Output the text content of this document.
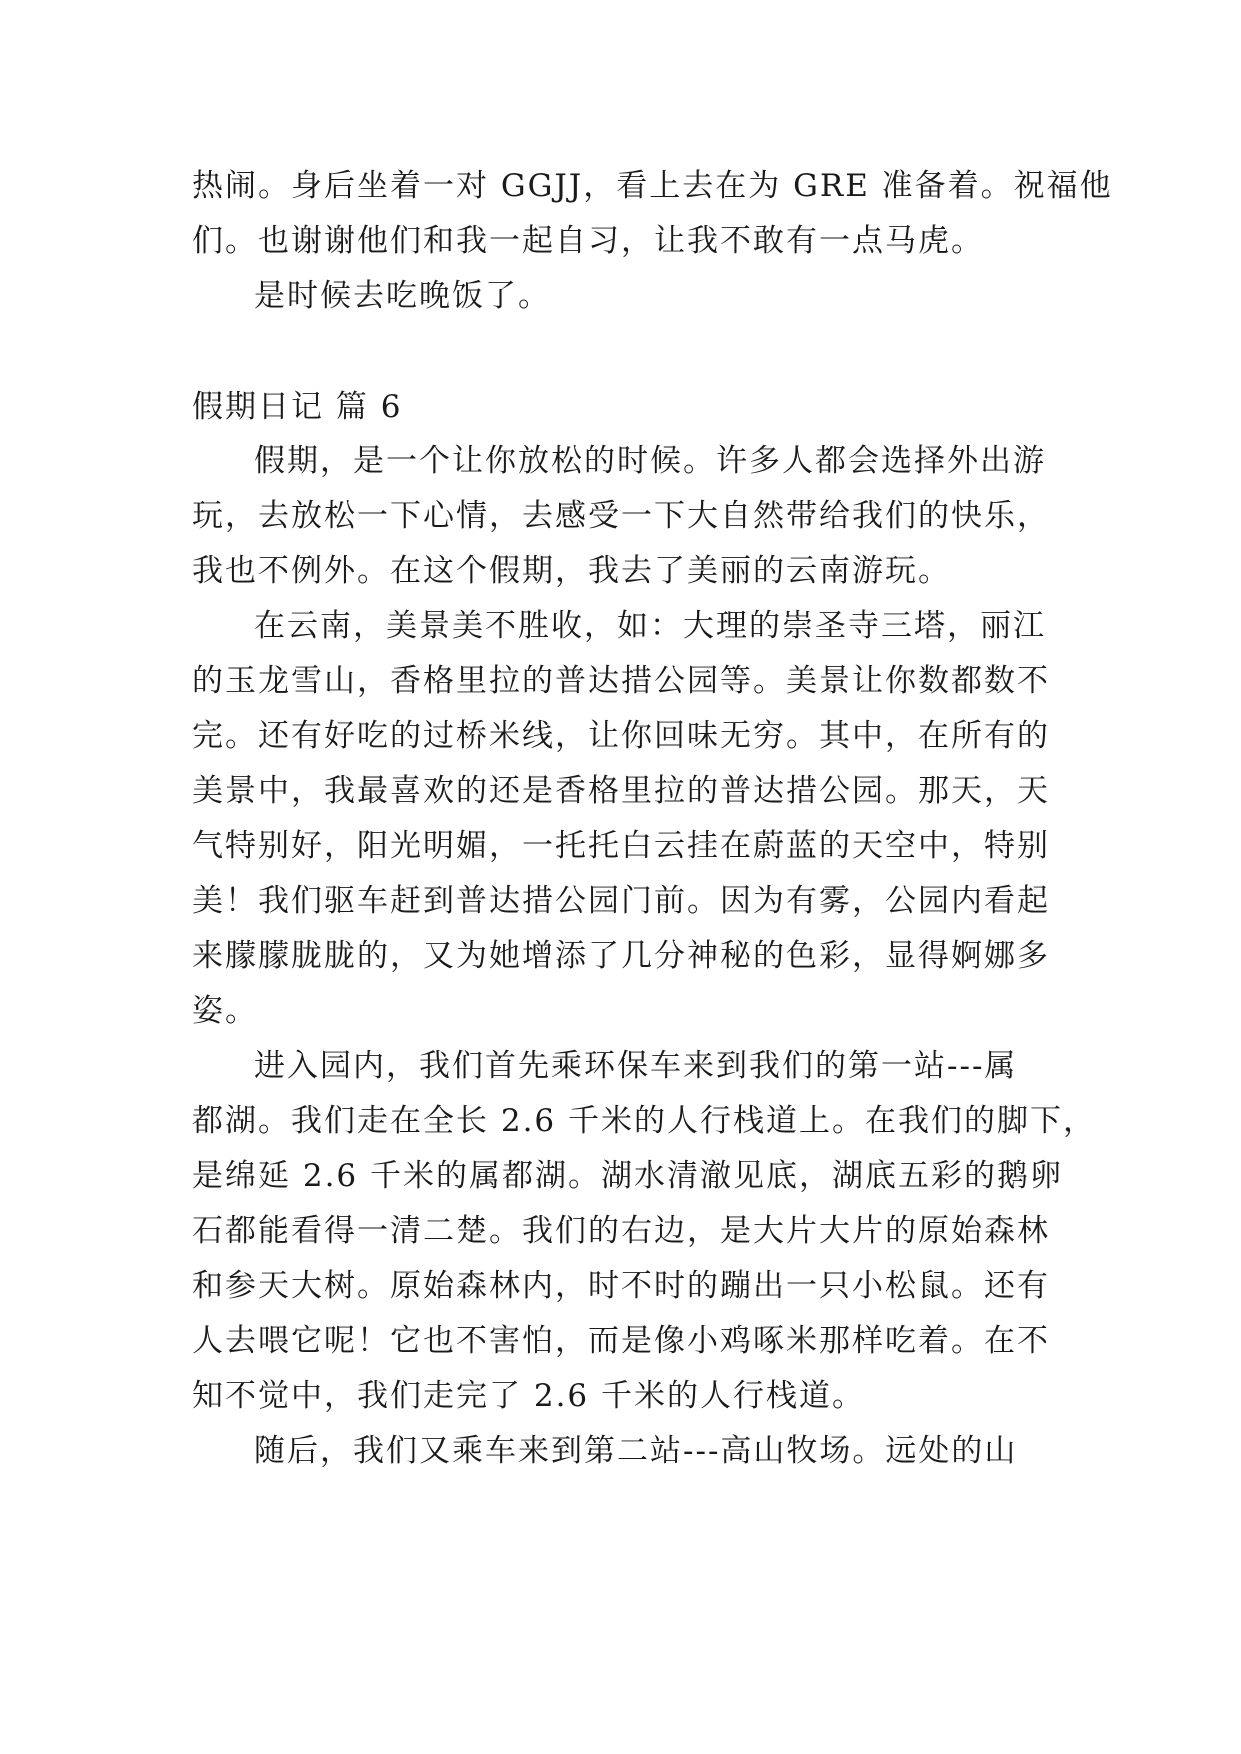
热闹。身后坐着一对 GGJJ，看上去在为 GRE 准备着。祝福他
们。也谢谢他们和我一起自习，让我不敢有一点马虎。
是时候去吃晚饭了。
假期日记 篇 6
假期，是一个让你放松的时候。许多人都会选择外出游
玩，去放松一下心情，去感受一下大自然带给我们的快乐，
我也不例外。在这个假期，我去了美丽的云南游玩。
在云南，美景美不胜收，如：大理的崇圣寺三塔，丽江
的玉龙雪山，香格里拉的普达措公园等。美景让你数都数不
完。还有好吃的过桥米线，让你回味无穷。其中，在所有的
美景中，我最喜欢的还是香格里拉的普达措公园。那天，天
气特别好，阳光明媚，一托托白云挂在蔚蓝的天空中，特别
美！我们驱车赶到普达措公园门前。因为有雾，公园内看起
来朦朦胧胧的，又为她增添了几分神秘的色彩，显得婀娜多
姿。
进入园内，我们首先乘环保车来到我们的第一站---属
都湖。我们走在全长 2.6 千米的人行栈道上。在我们的脚下，
是绵延 2.6 千米的属都湖。湖水清澈见底，湖底五彩的鹅卵
石都能看得一清二楚。我们的右边，是大片大片的原始森林
和参天大树。原始森林内，时不时的蹦出一只小松鼠。还有
人去喂它呢！它也不害怕，而是像小鸡啄米那样吃着。在不
知不觉中，我们走完了 2.6 千米的人行栈道。
随后，我们又乘车来到第二站---高山牧场。远处的山
